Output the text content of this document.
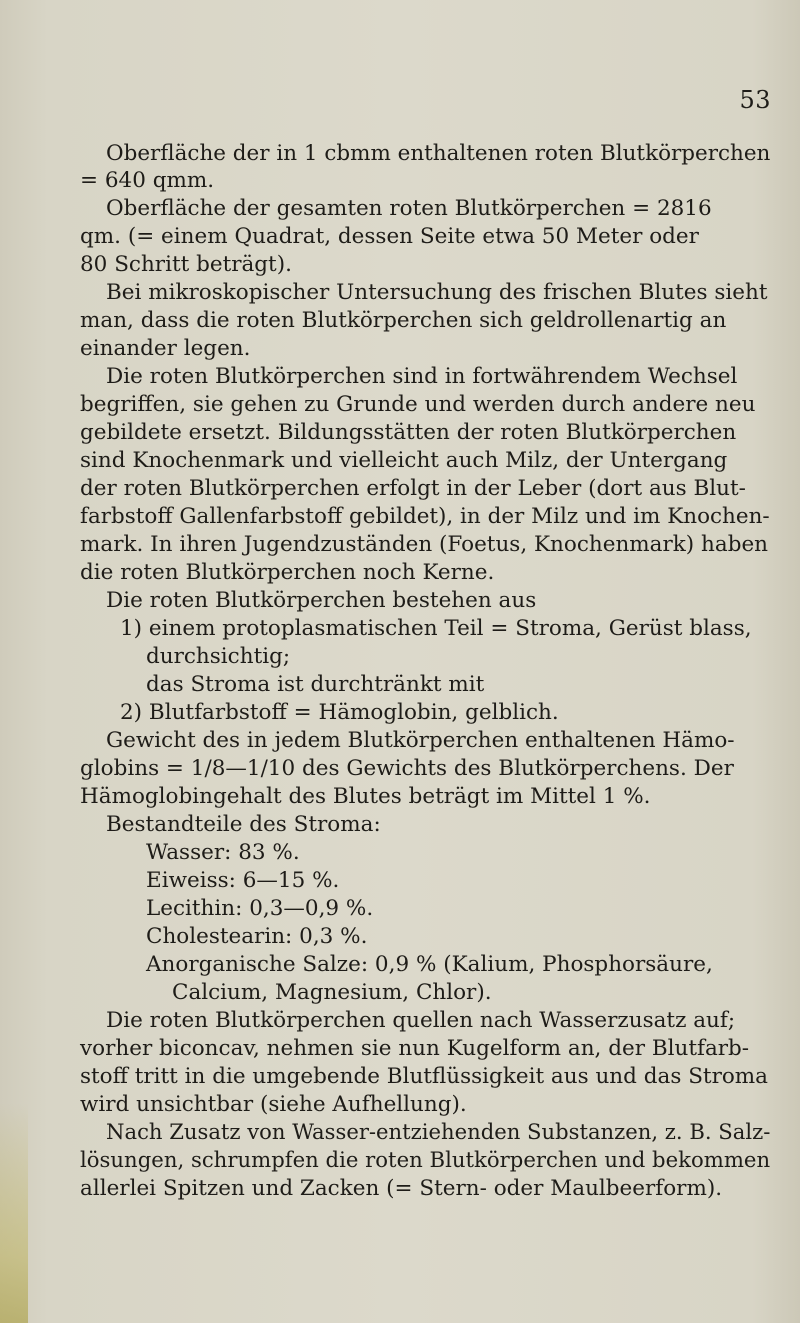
53
Oberfläche der in 1 cbmm enthaltenen roten Blutkörperchen
= 640 qmm.
Oberfläche der gesamten roten Blutkörperchen = 2816
qm. (= einem Quadrat, dessen Seite etwa 50 Meter oder
80 Schritt beträgt).
Bei mikroskopischer Untersuchung des frischen Blutes sieht
man, dass die roten Blutkörperchen sich geldrollenartig an
einander legen.
Die roten Blutkörperchen sind in fortwährendem Wechsel
begriffen, sie gehen zu Grunde und werden durch andere neu
gebildete ersetzt. Bildungsstätten der roten Blutkörperchen
sind Knochenmark und vielleicht auch Milz, der Untergang
der roten Blutkörperchen erfolgt in der Leber (dort aus Blut-
farbstoff Gallenfarbstoff gebildet), in der Milz und im Knochen-
mark. In ihren Jugendzuständen (Foetus, Knochenmark) haben
die roten Blutkörperchen noch Kerne.
Die roten Blutkörperchen bestehen aus
1) einem protoplasmatischen Teil = Stroma, Gerüst blass,
durchsichtig;
das Stroma ist durchtränkt mit
2) Blutfarbstoff = Hämoglobin, gelblich.
Gewicht des in jedem Blutkörperchen enthaltenen Hämo-
globins = 1/8—1/10 des Gewichts des Blutkörperchens. Der
Hämoglobingehalt des Blutes beträgt im Mittel 1 %.
Bestandteile des Stroma:
Wasser: 83 %.
Eiweiss: 6—15 %.
Lecithin: 0,3—0,9 %.
Cholestearin: 0,3 %.
Anorganische Salze: 0,9 % (Kalium, Phosphorsäure,
Calcium, Magnesium, Chlor).
Die roten Blutkörperchen quellen nach Wasserzusatz auf;
vorher biconcav, nehmen sie nun Kugelform an, der Blutfarb-
stoff tritt in die umgebende Blutflüssigkeit aus und das Stroma
wird unsichtbar (siehe Aufhellung).
Nach Zusatz von Wasser-entziehenden Substanzen, z. B. Salz-
lösungen, schrumpfen die roten Blutkörperchen und bekommen
allerlei Spitzen und Zacken (= Stern- oder Maulbeerform).
